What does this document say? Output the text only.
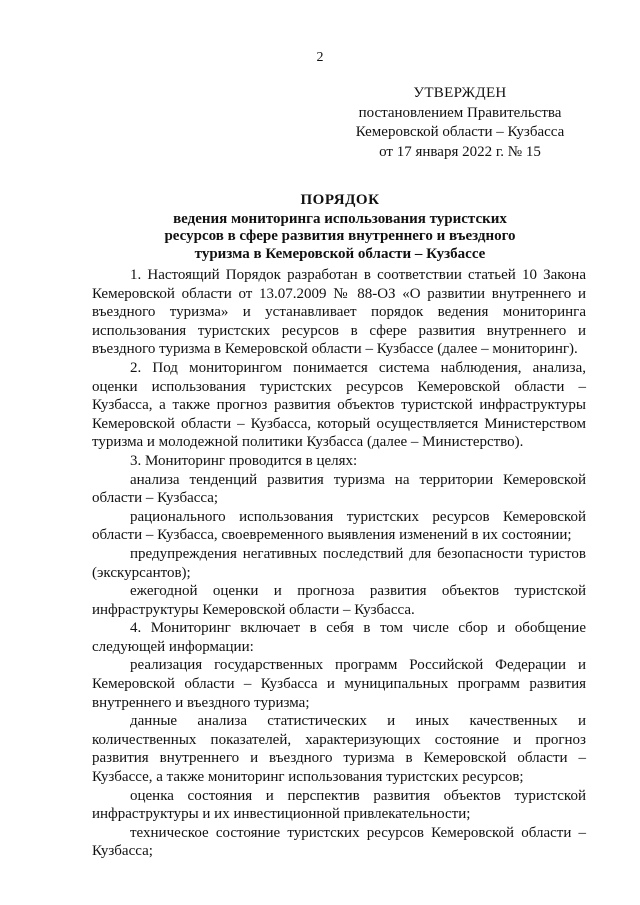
2
УТВЕРЖДЕН
постановлением Правительства
Кемеровской области – Кузбасса
от 17 января 2022 г. № 15
ПОРЯДОК
ведения мониторинга использования туристских
ресурсов в сфере развития внутреннего и въездного
туризма в Кемеровской области – Кузбассе

1. Настоящий Порядок разработан в соответствии статьей 10 Закона Кемеровской области от 13.07.2009 № 88-ОЗ «О развитии внутреннего и въездного туризма» и устанавливает порядок ведения мониторинга использования туристских ресурсов в сфере развития внутреннего и въездного туризма в Кемеровской области – Кузбассе (далее – мониторинг).

2. Под мониторингом понимается система наблюдения, анализа, оценки использования туристских ресурсов Кемеровской области – Кузбасса, а также прогноз развития объектов туристской инфраструктуры Кемеровской области – Кузбасса, который осуществляется Министерством туризма и молодежной политики Кузбасса (далее – Министерство).

3. Мониторинг проводится в целях:

анализа тенденций развития туризма на территории Кемеровской области – Кузбасса;

рационального использования туристских ресурсов Кемеровской области – Кузбасса, своевременного выявления изменений в их состоянии;

предупреждения негативных последствий для безопасности туристов (экскурсантов);

ежегодной оценки и прогноза развития объектов туристской инфраструктуры Кемеровской области – Кузбасса.

4. Мониторинг включает в себя в том числе сбор и обобщение следующей информации:

реализация государственных программ Российской Федерации и Кемеровской области – Кузбасса и муниципальных программ развития внутреннего и въездного туризма;

данные анализа статистических и иных качественных и количественных показателей, характеризующих состояние и прогноз развития внутреннего и въездного туризма в Кемеровской области – Кузбассе, а также мониторинг использования туристских ресурсов;

оценка состояния и перспектив развития объектов туристской инфраструктуры и их инвестиционной привлекательности;

техническое состояние туристских ресурсов Кемеровской области – Кузбасса;
